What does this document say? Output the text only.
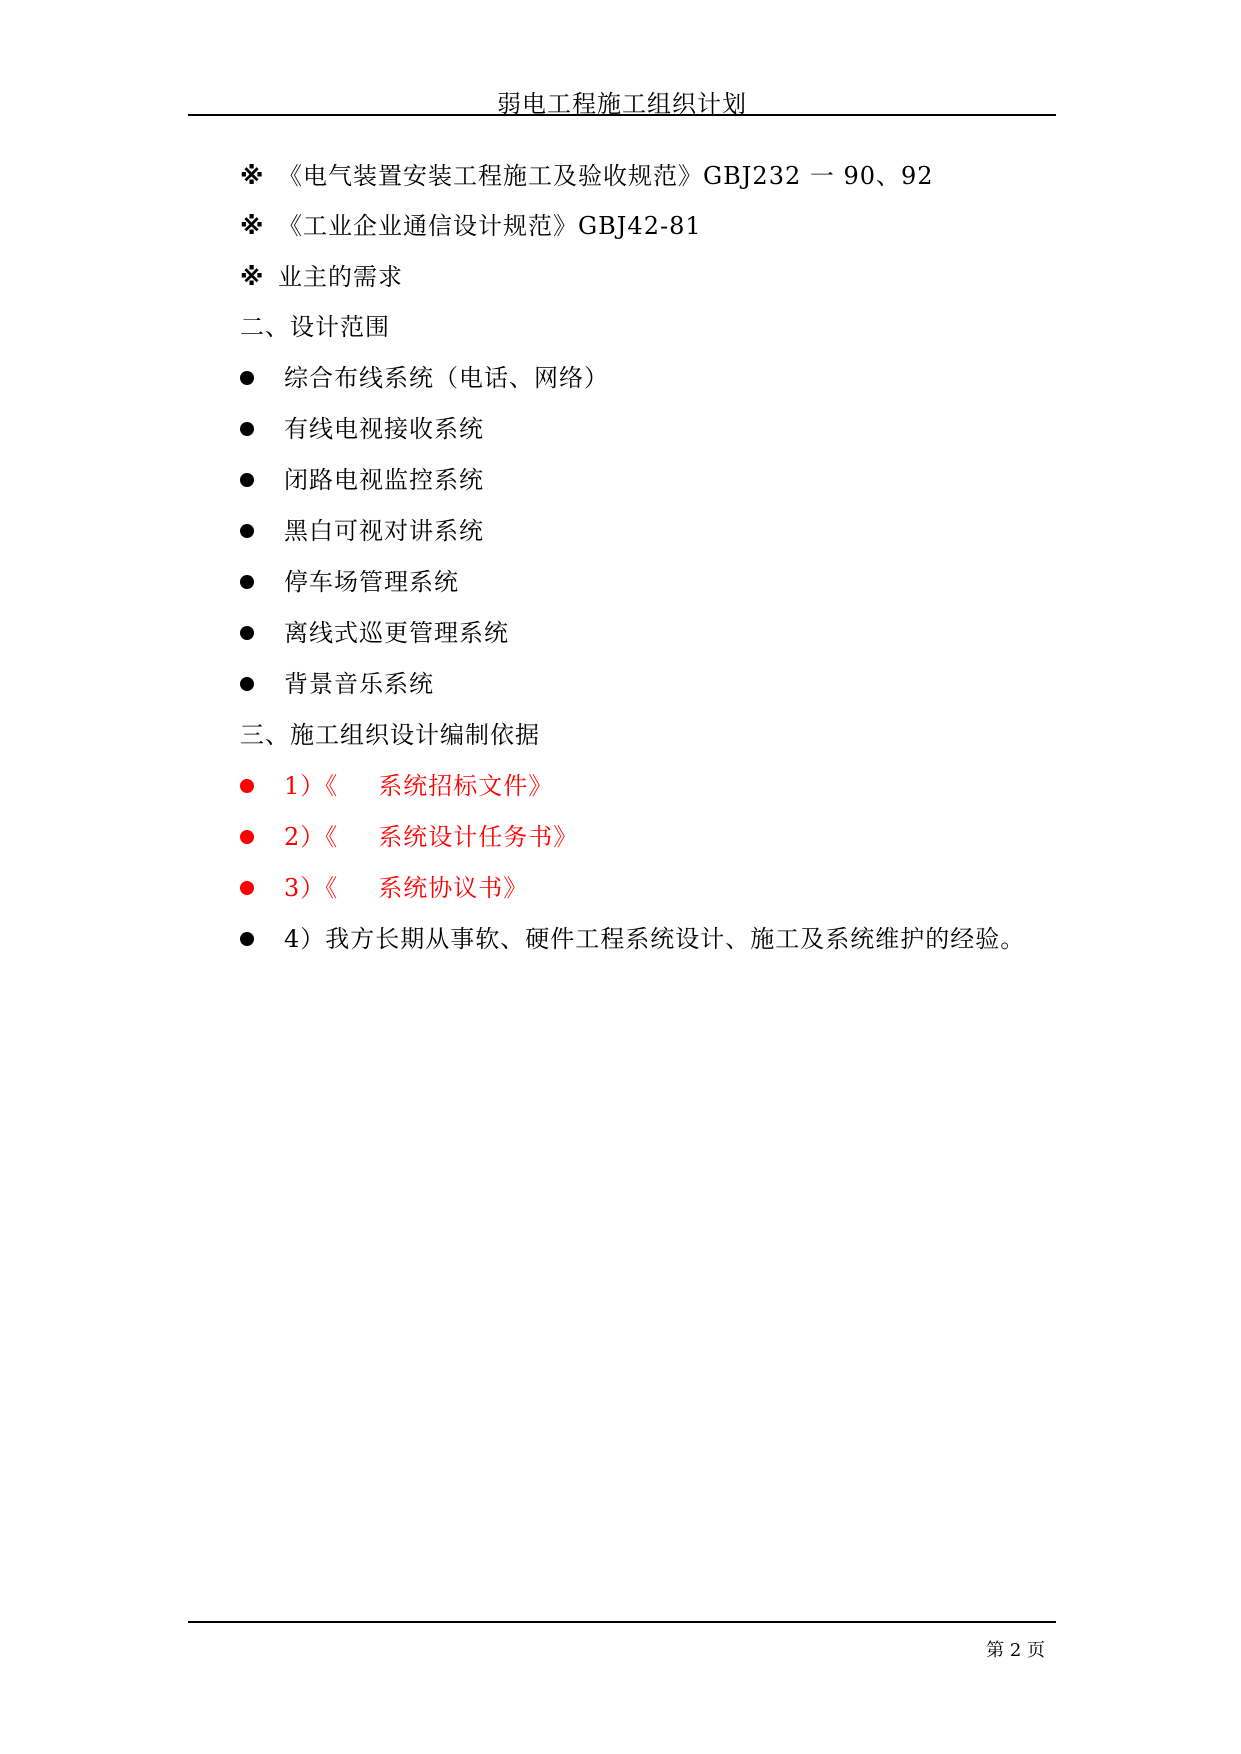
弱电工程施工组织计划
※ 《电气装置安装工程施工及验收规范》GBJ232 一 90、92
※ 《工业企业通信设计规范》GBJ42-81
※ 业主的需求
二、设计范围
综合布线系统（电话、网络）
有线电视接收系统
闭路电视监控系统
黑白可视对讲系统
停车场管理系统
离线式巡更管理系统
背景音乐系统
三、施工组织设计编制依据
1）《 系统招标文件》
2）《 系统设计任务书》
3）《 系统协议书》
4）我方长期从事软、硬件工程系统设计、施工及系统维护的经验。
第 2 页
